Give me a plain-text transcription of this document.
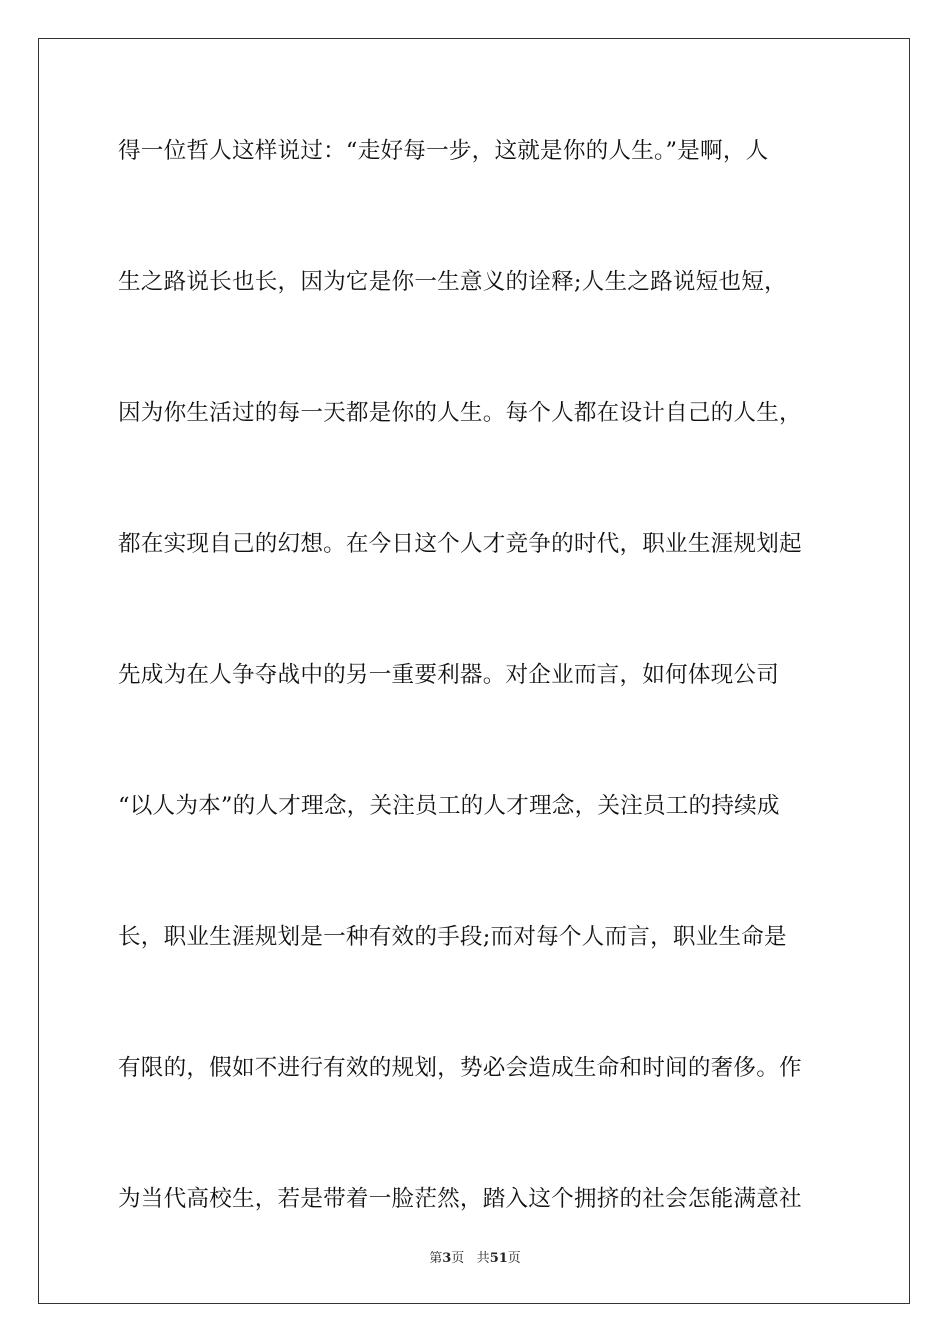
得一位哲人这样说过：“走好每一步，这就是你的人生。”是啊，人
生之路说长也长，因为它是你一生意义的诠释;人生之路说短也短，
因为你生活过的每一天都是你的人生。每个人都在设计自己的人生，
都在实现自己的幻想。在今日这个人才竞争的时代，职业生涯规划起
先成为在人争夺战中的另一重要利器。对企业而言，如何体现公司
“以人为本”的人才理念，关注员工的人才理念，关注员工的持续成
长，职业生涯规划是一种有效的手段;而对每个人而言，职业生命是
有限的，假如不进行有效的规划，势必会造成生命和时间的奢侈。作
为当代高校生，若是带着一脸茫然，踏入这个拥挤的社会怎能满意社
第3页 共51页
